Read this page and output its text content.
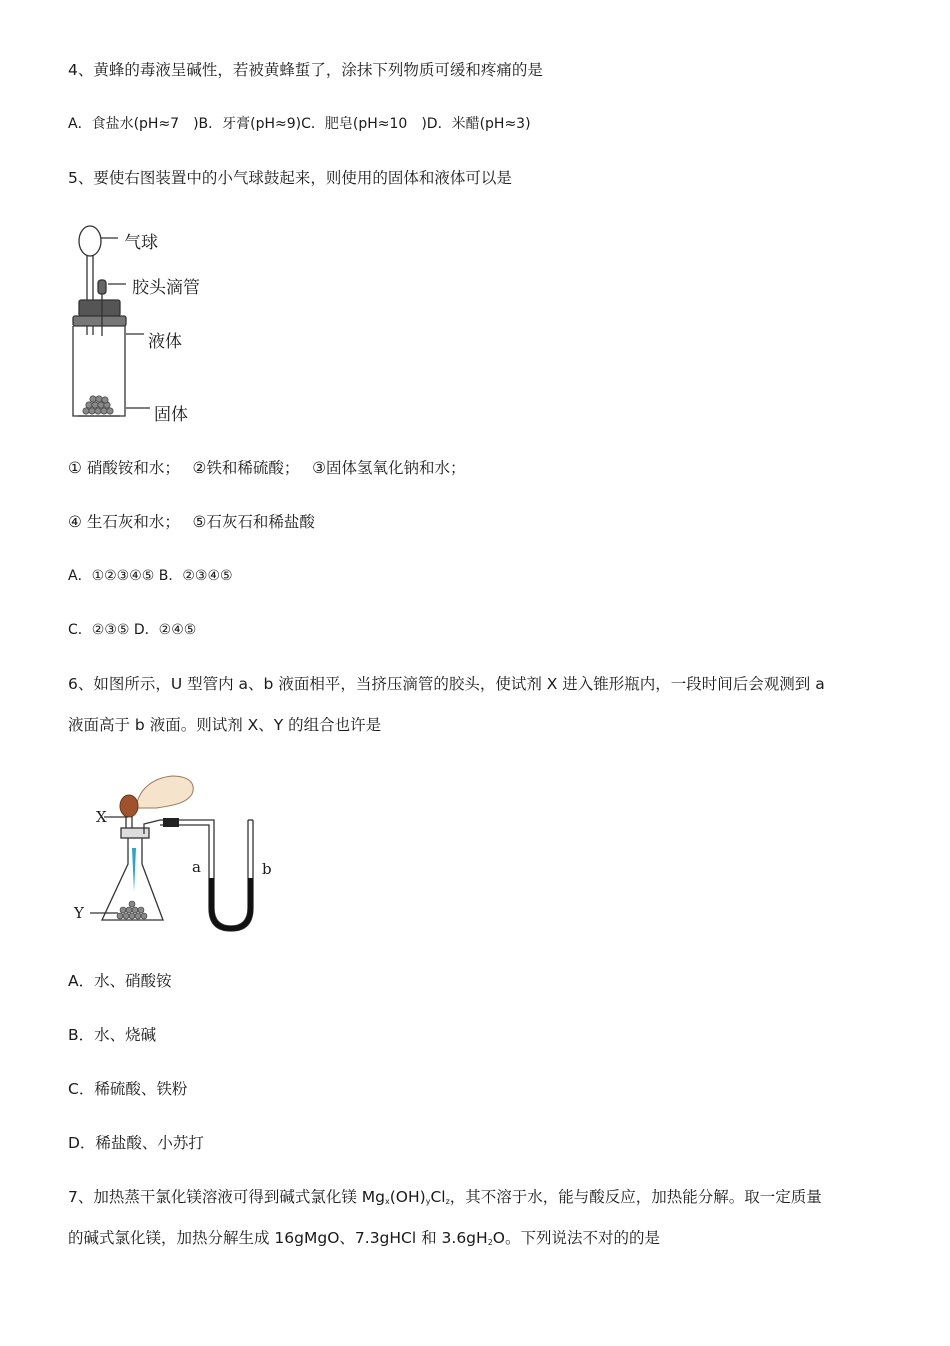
4、黄蜂的毒液呈碱性，若被黄蜂蜇了，涂抹下列物质可缓和疼痛的是
A．食盐水(pH≈7　)B．牙膏(pH≈9)C．肥皂(pH≈10　)D．米醋(pH≈3)
5、要使右图装置中的小气球鼓起来，则使用的固体和液体可以是
气球
胶头滴管
液体
固体
① 硝酸铵和水；　 ②铁和稀硫酸；　 ③固体氢氧化钠和水；
④ 生石灰和水；　 ⑤石灰石和稀盐酸
A．①②③④⑤ B．②③④⑤
C．②③⑤ D．②④⑤
6、如图所示，U 型管内 a、b 液面相平，当挤压滴管的胶头，使试剂 X 进入锥形瓶内，一段时间后会观测到 a
液面高于 b 液面。则试剂 X、Y 的组合也许是
X
Y
a	b
A．水、硝酸铵
B．水、烧碱
C．稀硫酸、铁粉
D．稀盐酸、小苏打
7、加热蒸干氯化镁溶液可得到碱式氯化镁 $Mg_x(OH)_yCl_z$，其不溶于水，能与酸反应，加热能分解。取一定质量
的碱式氯化镁，加热分解生成 16gMgO、7.3gHCl 和 $3.6gH_2O$。下列说法不对的的是
